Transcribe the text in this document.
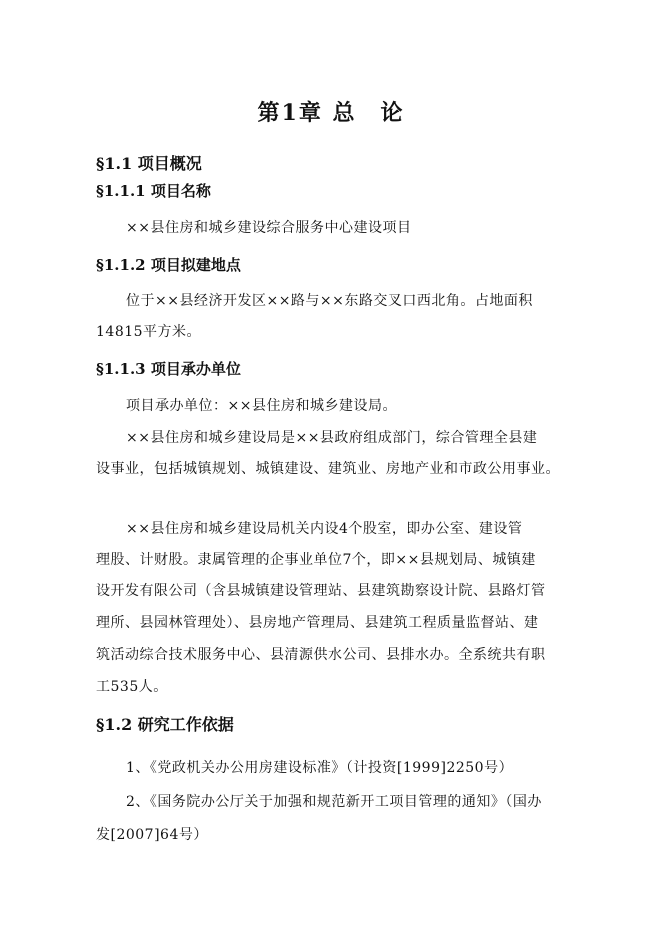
第1章 总　论
§1.1 项目概况
§1.1.1 项目名称
××县住房和城乡建设综合服务中心建设项目
§1.1.2 项目拟建地点
位于××县经济开发区××路与××东路交叉口西北角。占地面积
14815平方米。
§1.1.3 项目承办单位
项目承办单位：××县住房和城乡建设局。
××县住房和城乡建设局是××县政府组成部门，综合管理全县建
设事业，包括城镇规划、城镇建设、建筑业、房地产业和市政公用事业。
××县住房和城乡建设局机关内设4个股室，即办公室、建设管
理股、计财股。隶属管理的企事业单位7个，即××县规划局、城镇建
设开发有限公司（含县城镇建设管理站、县建筑勘察设计院、县路灯管
理所、县园林管理处）、县房地产管理局、县建筑工程质量监督站、建
筑活动综合技术服务中心、县清源供水公司、县排水办。全系统共有职
工535人。
§1.2 研究工作依据
1、《党政机关办公用房建设标准》（计投资[1999]2250号）
2、《国务院办公厅关于加强和规范新开工项目管理的通知》（国办
发[2007]64号）
